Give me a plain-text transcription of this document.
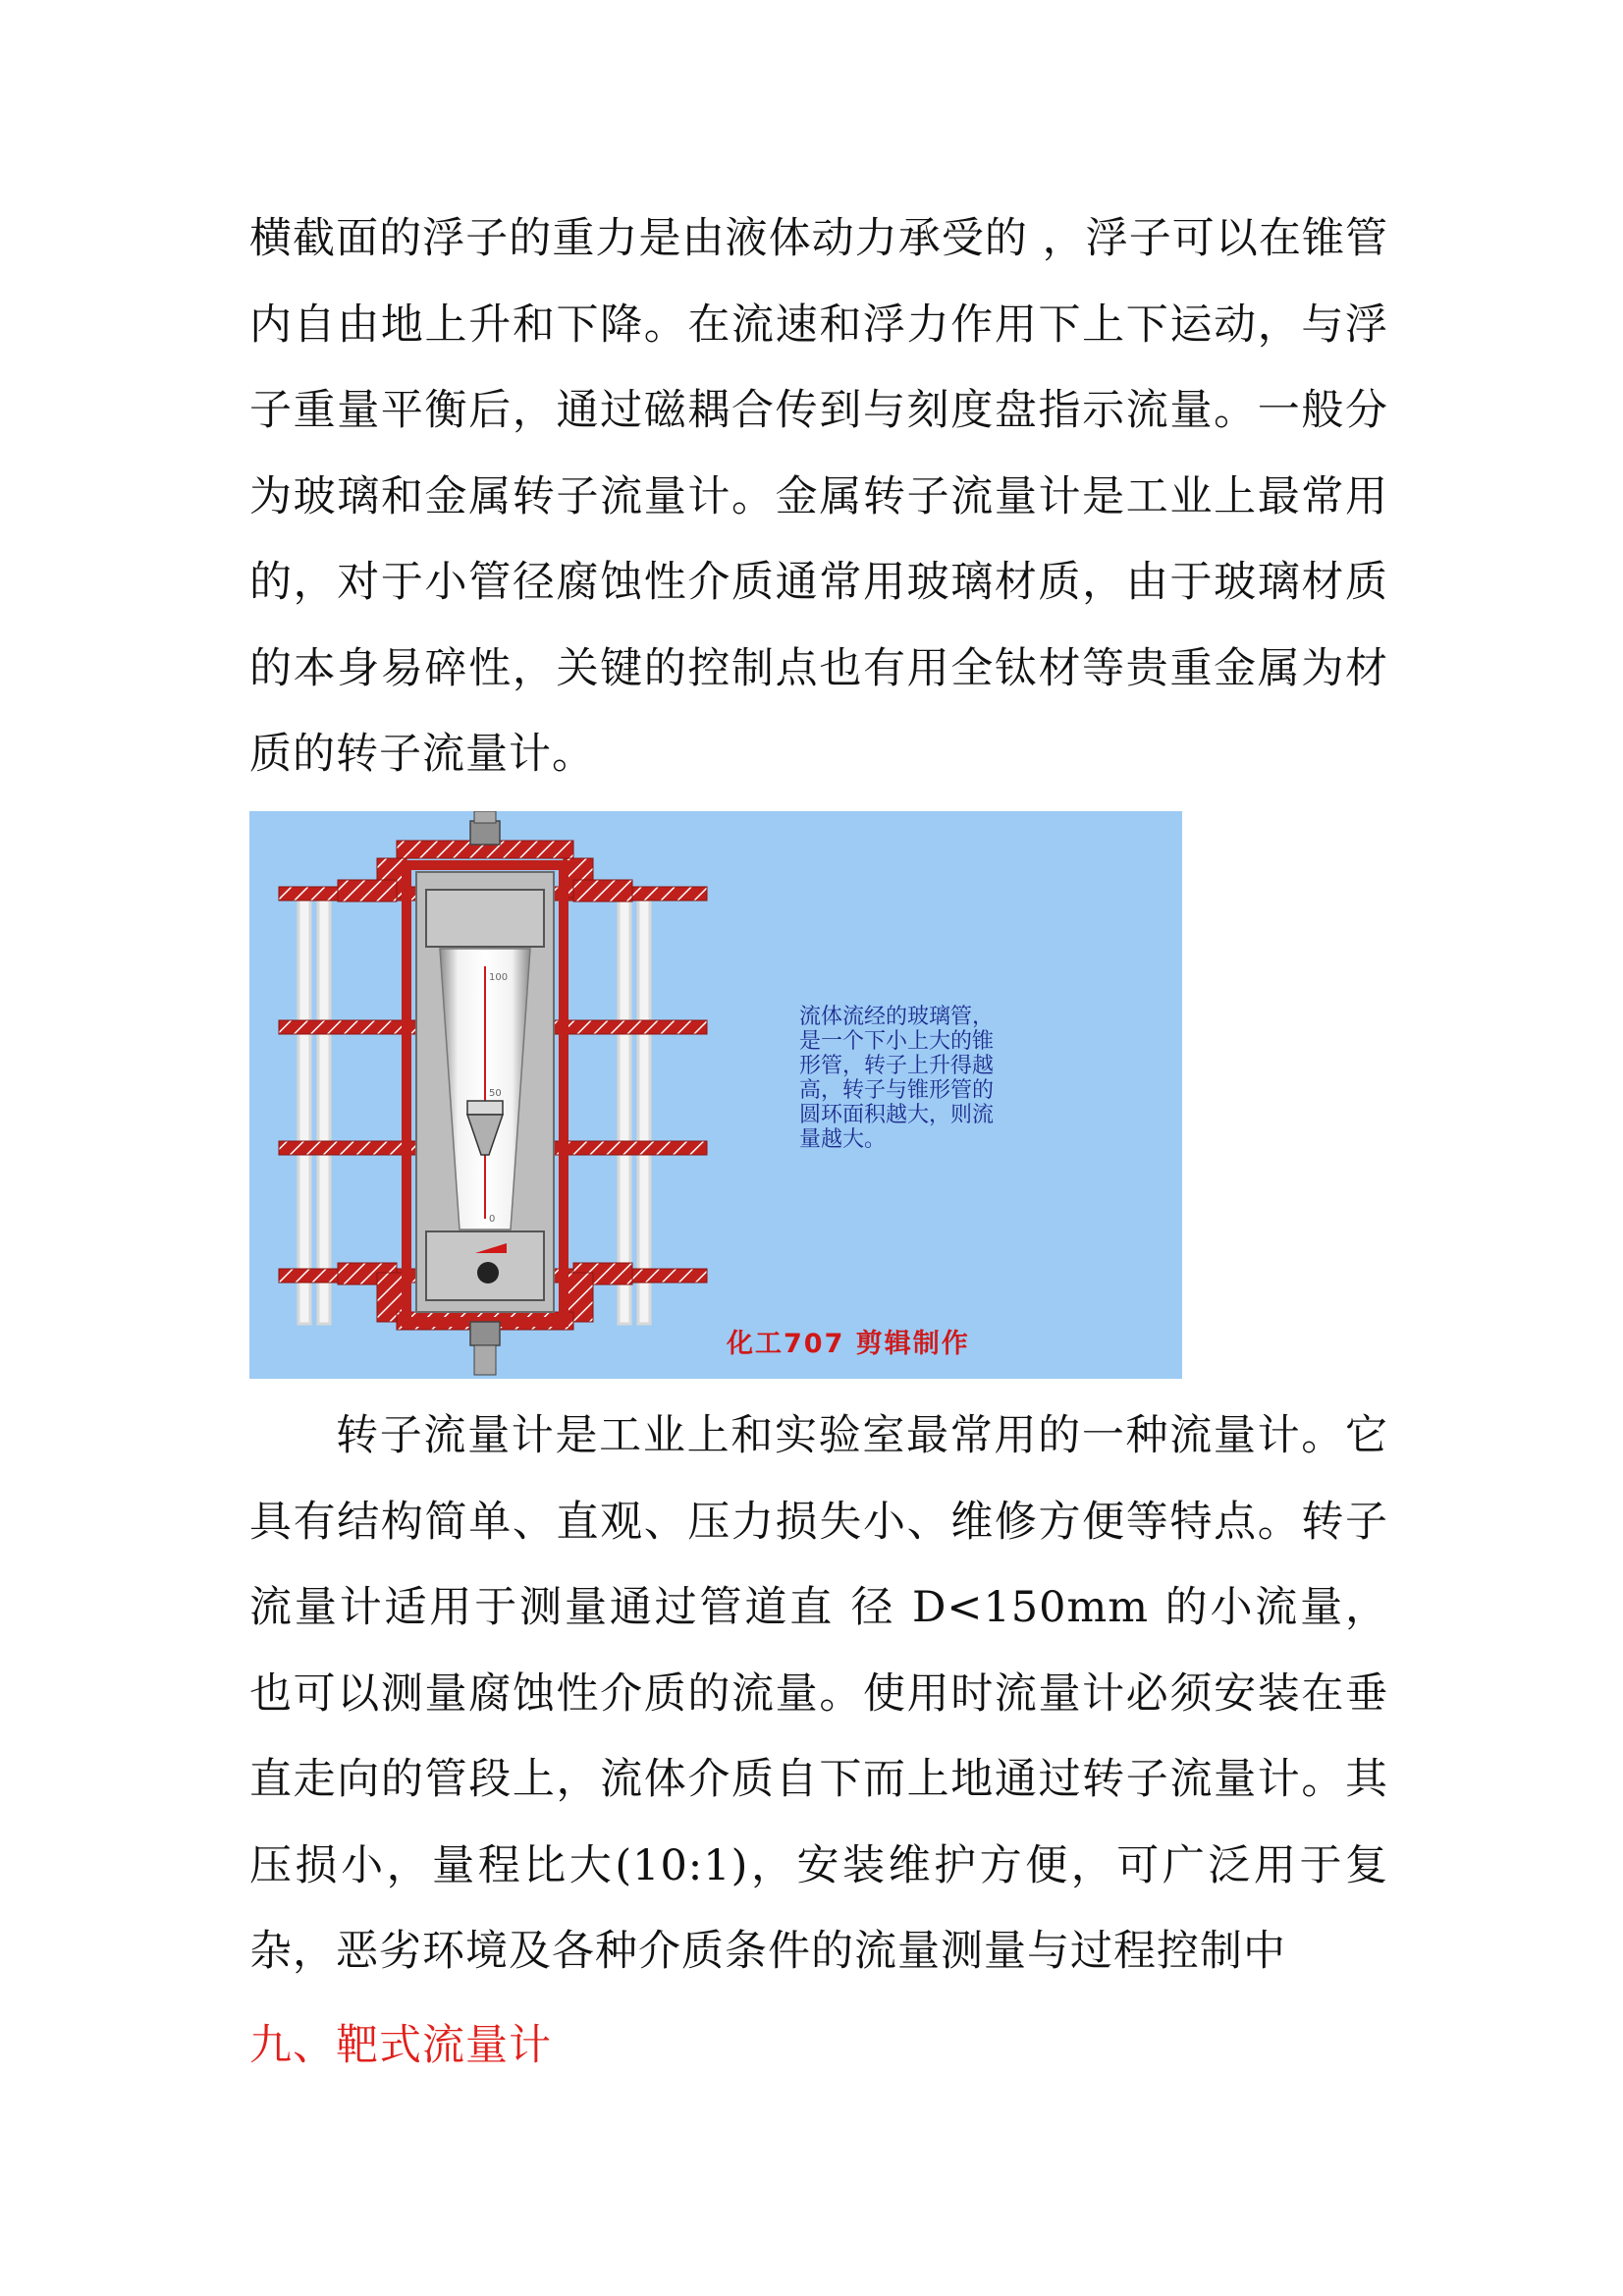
横截面的浮子的重力是由液体动力承受的 ，浮子可以在锥管内自由地上升和下降。在流速和浮力作用下上下运动，与浮子重量平衡后，通过磁耦合传到与刻度盘指示流量。一般分为玻璃和金属转子流量计。金属转子流量计是工业上最常用的，对于小管径腐蚀性介质通常用玻璃材质，由于玻璃材质的本身易碎性，关键的控制点也有用全钛材等贵重金属为材质的转子流量计。

100
50
0

流体流经的玻璃管，
是一个下小上大的锥
形管，转子上升得越
高，转子与锥形管的
圆环面积越大，则流
量越大。

化工707 剪辑制作

转子流量计是工业上和实验室最常用的一种流量计。它具有结构简单、直观、压力损失小、维修方便等特点。转子流量计适用于测量通过管道直 径 D<150mm 的小流量，也可以测量腐蚀性介质的流量。使用时流量计必须安装在垂直走向的管段上，流体介质自下而上地通过转子流量计。其压损小，量程比大(10:1)，安装维护方便，可广泛用于复杂，恶劣环境及各种介质条件的流量测量与过程控制中

九、靶式流量计
